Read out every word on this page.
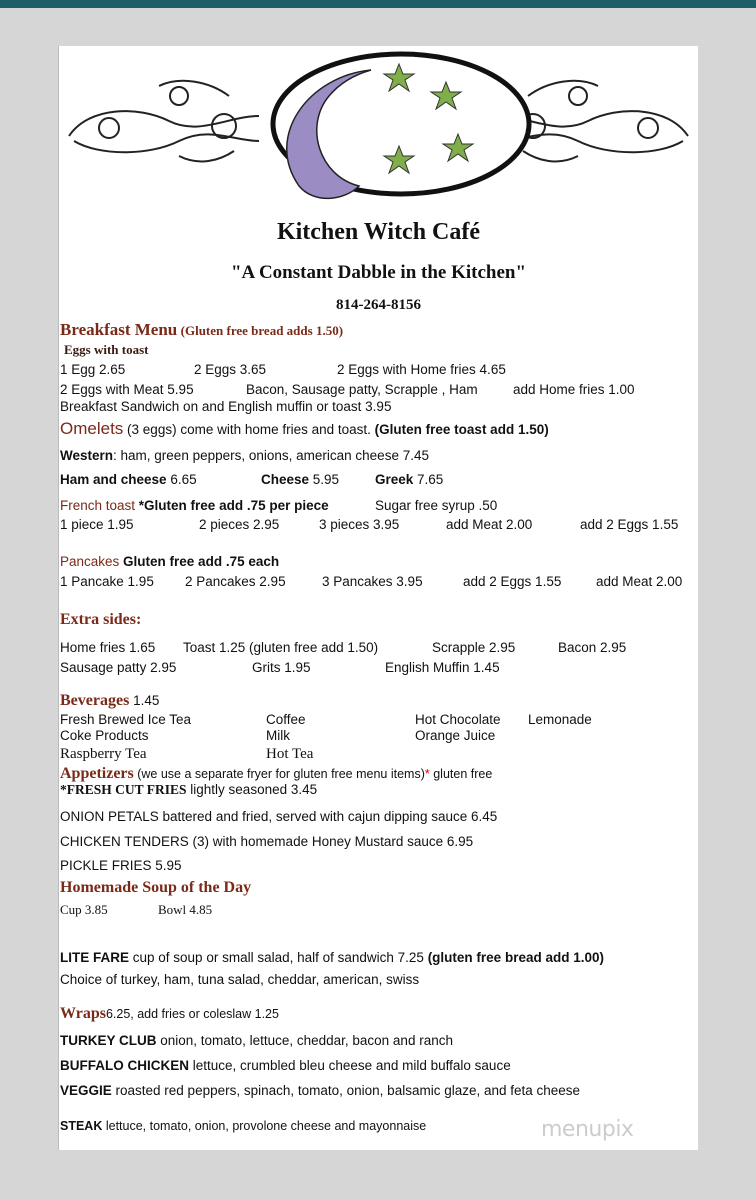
Kitchen Witch Café
"A Constant Dabble in the Kitchen"
814-264-8156
Breakfast Menu (Gluten free bread adds 1.50)
Eggs with toast
1 Egg 2.65	2 Eggs 3.65	2 Eggs with Home fries 4.65
2 Eggs with Meat 5.95	Bacon, Sausage patty, Scrapple , Ham	add Home fries 1.00
Breakfast Sandwich on and English muffin or toast 3.95
Omelets (3 eggs) come with home fries and toast. (Gluten free toast add 1.50)
Western: ham, green peppers, onions, american cheese 7.45
Ham and cheese 6.65	Cheese 5.95	Greek 7.65
French toast *Gluten free add .75 per piece	Sugar free syrup .50
1 piece 1.95	2 pieces 2.95	3 pieces 3.95	add Meat 2.00	add 2 Eggs 1.55
Pancakes Gluten free add .75 each
1 Pancake 1.95 2 Pancakes 2.95	3 Pancakes 3.95	add 2 Eggs 1.55	add Meat 2.00
Extra sides:
Home fries 1.65 Toast 1.25 (gluten free add 1.50)	Scrapple 2.95	Bacon 2.95
Sausage patty 2.95	Grits 1.95	English Muffin 1.45
Beverages 1.45
Fresh Brewed Ice Tea	Coffee	Hot Chocolate Lemonade
Coke Products	Milk	Orange Juice
Raspberry Tea	Hot Tea
Appetizers (we use a separate fryer for gluten free menu items)* gluten free
*FRESH CUT FRIES lightly seasoned 3.45
ONION PETALS battered and fried, served with cajun dipping sauce 6.45
CHICKEN TENDERS (3) with homemade Honey Mustard sauce 6.95
PICKLE FRIES 5.95
Homemade Soup of the Day
Cup 3.85	Bowl 4.85
LITE FARE cup of soup or small salad, half of sandwich 7.25 (gluten free bread add 1.00)
Choice of turkey, ham, tuna salad, cheddar, american, swiss
Wraps6.25, add fries or coleslaw 1.25
TURKEY CLUB onion, tomato, lettuce, cheddar, bacon and ranch
BUFFALO CHICKEN lettuce, crumbled bleu cheese and mild buffalo sauce
VEGGIE roasted red peppers, spinach, tomato, onion, balsamic glaze, and feta cheese
STEAK lettuce, tomato, onion, provolone cheese and mayonnaise	menupix
